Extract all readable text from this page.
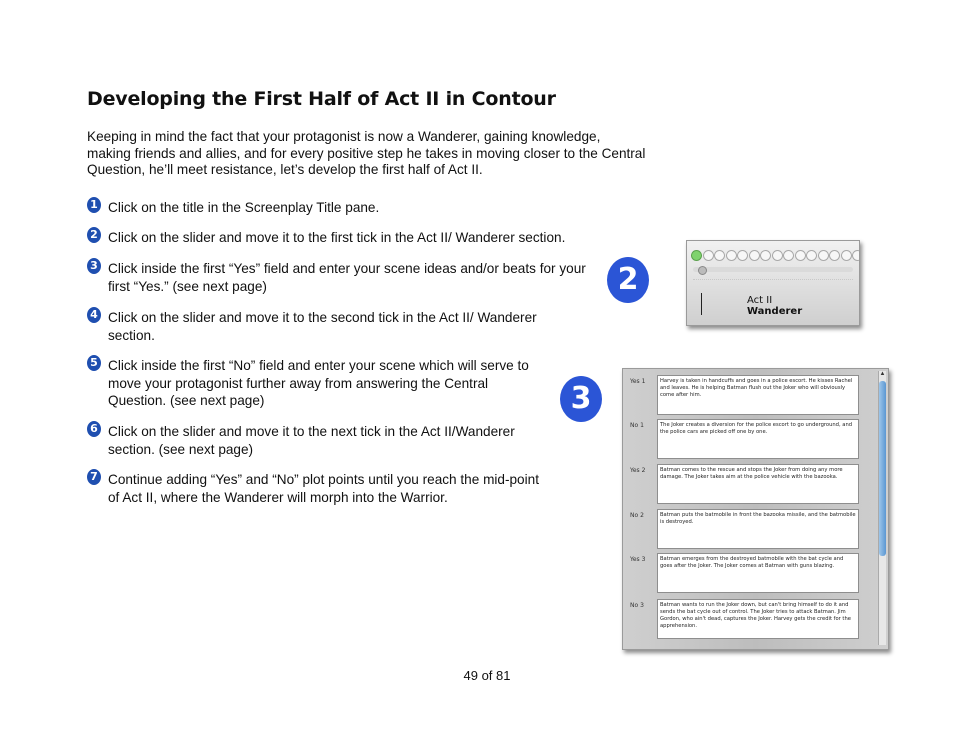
Developing the First Half of Act II in Contour

Keeping in mind the fact that your protagonist is now a Wanderer, gaining knowledge, making friends and allies, and for every positive step he takes in moving closer to the Central Question, he’ll meet resistance, let’s develop the first half of Act II.

1 Click on the title in the Screenplay Title pane.
2 Click on the slider and move it to the first tick in the Act II/ Wanderer section.
3 Click inside the first “Yes” field and enter your scene ideas and/or beats for your first “Yes.” (see next page)
4 Click on the slider and move it to the second tick in the Act II/ Wanderer section.
5 Click inside the first “No” field and enter your scene which will serve to move your protagonist further away from answering the Central Question. (see next page)
6 Click on the slider and move it to the next tick in the Act II/Wanderer section. (see next page)
7 Continue adding “Yes” and “No” plot points until you reach the mid-point of Act II, where the Wanderer will morph into the Warrior.
2
3
Act II
Wanderer
Yes 1	Harvey is taken in handcuffs and goes in a police escort. He kisses Rachel and leaves. He is helping Batman flush out the Joker who will obviously come after him.
No 1	The Joker creates a diversion for the police escort to go underground, and the police cars are picked off one by one.
Yes 2	Batman comes to the rescue and stops the Joker from doing any more damage. The Joker takes aim at the police vehicle with the bazooka.
No 2	Batman puts the batmobile in front the bazooka missile, and the batmobile is destroyed.
Yes 3	Batman emerges from the destroyed batmobile with the bat cycle and goes after the Joker. The Joker comes at Batman with guns blazing.
No 3	Batman wants to run the Joker down, but can't bring himself to do it and sends the bat cycle out of control. The Joker tries to attack Batman. Jim Gordon, who ain't dead, captures the Joker. Harvey gets the credit for the apprehension.
▲
49 of 81
